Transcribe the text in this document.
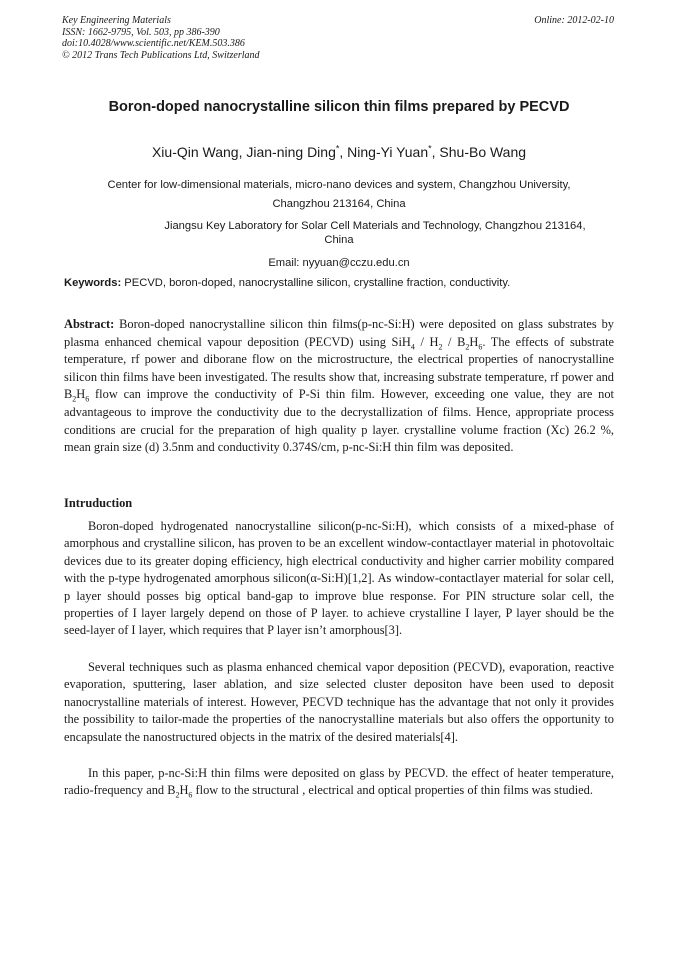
Key Engineering Materials
ISSN: 1662-9795, Vol. 503, pp 386-390
doi:10.4028/www.scientific.net/KEM.503.386
© 2012 Trans Tech Publications Ltd, Switzerland
Online: 2012-02-10
Boron-doped nanocrystalline silicon thin films prepared by PECVD
Xiu-Qin Wang, Jian-ning Ding*, Ning-Yi Yuan*, Shu-Bo Wang
Center for low-dimensional materials, micro-nano devices and system, Changzhou University,
Changzhou 213164, China
Jiangsu Key Laboratory for Solar Cell Materials and Technology, Changzhou 213164,
China
Email: nyyuan@cczu.edu.cn
Keywords: PECVD, boron-doped, nanocrystalline silicon, crystalline fraction, conductivity.
Abstract: Boron-doped nanocrystalline silicon thin films(p-nc-Si:H) were deposited on glass substrates by plasma enhanced chemical vapour deposition (PECVD) using $SiH_4 / H_2 / B_2H_6$. The effects of substrate temperature, rf power and diborane flow on the microstructure, the electrical properties of nanocrystalline silicon thin films have been investigated. The results show that, increasing substrate temperature, rf power and $B_2H_6$ flow can improve the conductivity of P-Si thin film. However, exceeding one value, they are not advantageous to improve the conductivity due to the decrystallization of films. Hence, appropriate process conditions are crucial for the preparation of high quality p layer. crystalline volume fraction (Xc) 26.2 %, mean grain size (d) 3.5nm and conductivity 0.374S/cm, p-nc-Si:H thin film was deposited.
Intruduction

Boron-doped hydrogenated nanocrystalline silicon(p-nc-Si:H), which consists of a mixed-phase of amorphous and crystalline silicon, has proven to be an excellent window-contactlayer material in photovoltaic devices due to its greater doping efficiency, high electrical conductivity and higher carrier mobility compared with the p-type hydrogenated amorphous silicon(α-Si:H)[1,2]. As window-contactlayer material for solar cell, p layer should posses big optical band-gap to improve blue response. For PIN structure solar cell, the properties of I layer largely depend on those of P layer. to achieve crystalline I layer, P layer should be the seed-layer of I layer, which requires that P layer isn’t amorphous[3].

Several techniques such as plasma enhanced chemical vapor deposition (PECVD), evaporation, reactive evaporation, sputtering, laser ablation, and size selected cluster depositon have been used to deposit nanocrystalline materials of interest. However, PECVD technique has the advantage that not only it provides the possibility to tailor-made the properties of the nanocrystalline materials but also offers the opportunity to encapsulate the nanostructured objects in the matrix of the desired materials[4].

In this paper, p-nc-Si:H thin films were deposited on glass by PECVD. the effect of heater temperature, radio-frequency and $B_2H_6$ flow to the structural , electrical and optical properties of thin films was studied.
